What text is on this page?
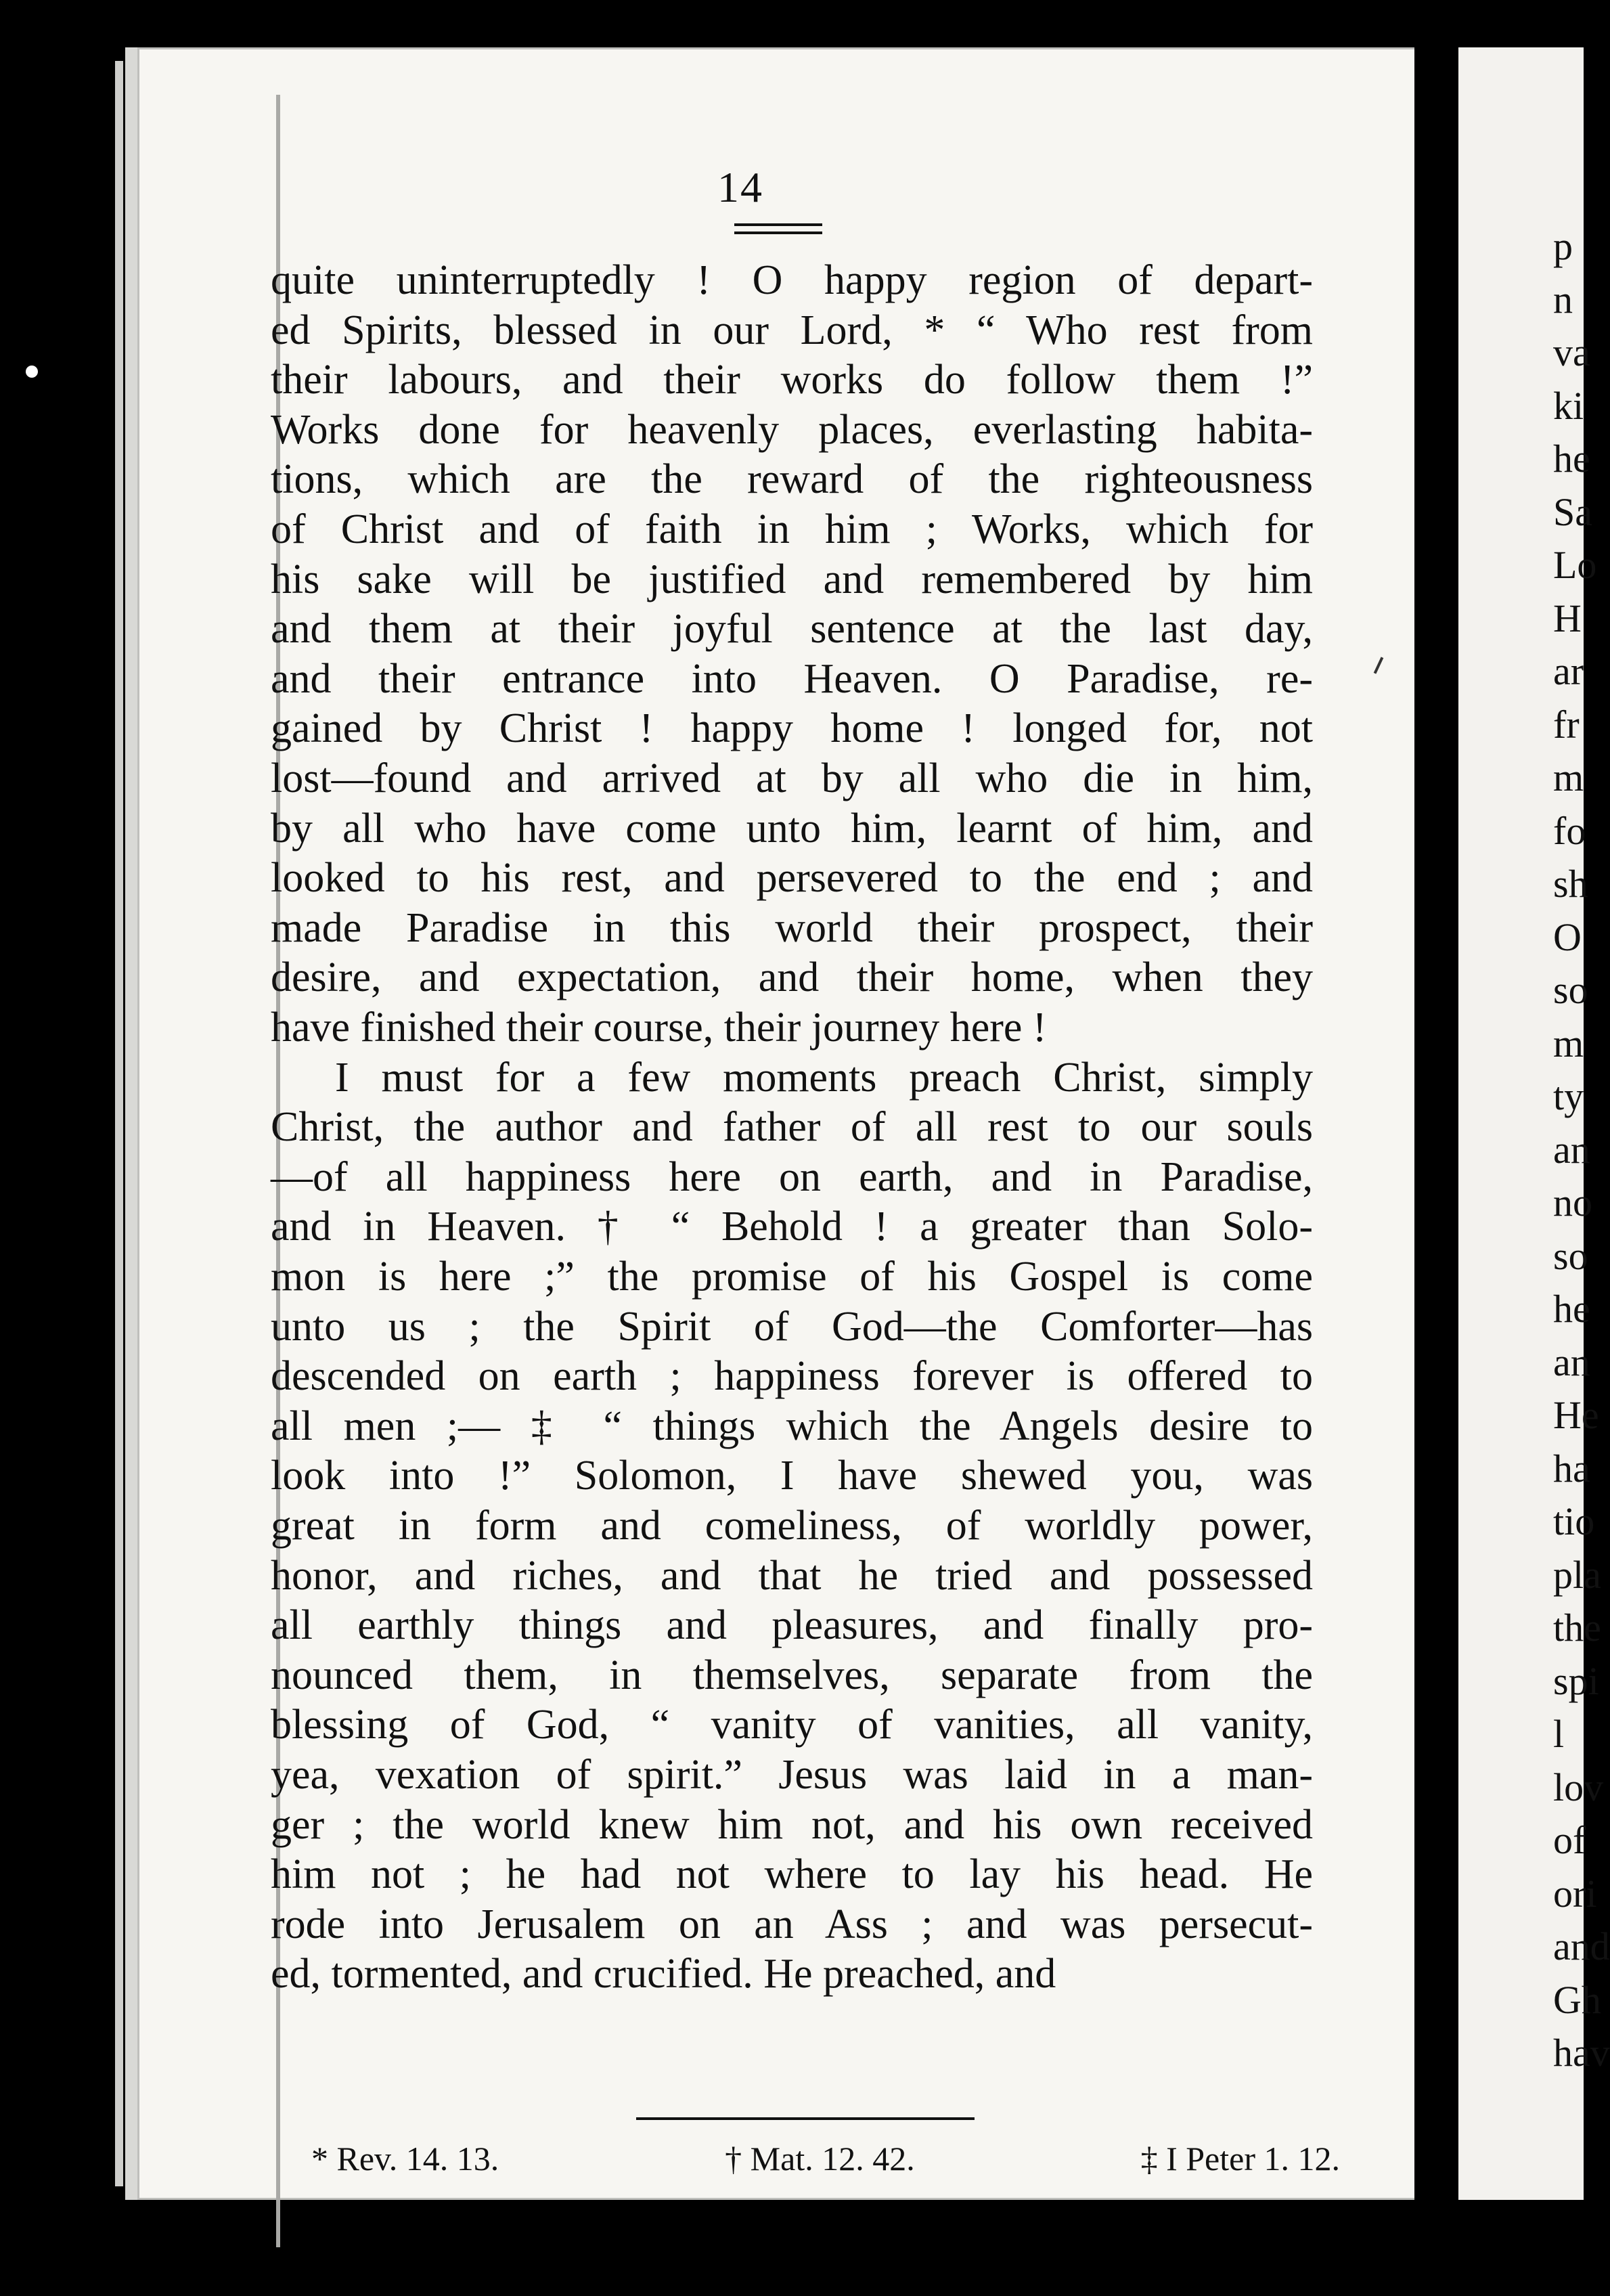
14
quite uninterruptedly ! O happy region of depart-
ed Spirits, blessed in our Lord, * “ Who rest from
their labours, and their works do follow them !”
Works done for heavenly places, everlasting habita-
tions, which are the reward of the righteousness
of Christ and of faith in him ; Works, which for
his sake will be justified and remembered by him
and them at their joyful sentence at the last day,
and their entrance into Heaven. O Paradise, re-
gained by Christ ! happy home ! longed for, not
lost—found and arrived at by all who die in him,
by all who have come unto him, learnt of him, and
looked to his rest, and persevered to the end ; and
made Paradise in this world their prospect, their
desire, and expectation, and their home, when they
have finished their course, their journey here !
I must for a few moments preach Christ, simply
Christ, the author and father of all rest to our souls
—of all happiness here on earth, and in Paradise,
and in Heaven. † “ Behold ! a greater than Solo-
mon is here ;” the promise of his Gospel is come
unto us ; the Spirit of God—the Comforter—has
descended on earth ; happiness forever is offered to
all men ;— ‡ “ things which the Angels desire to
look into !” Solomon, I have shewed you, was
great in form and comeliness, of worldly power,
honor, and riches, and that he tried and possessed
all earthly things and pleasures, and finally pro-
nounced them, in themselves, separate from the
blessing of God, “ vanity of vanities, all vanity,
yea, vexation of spirit.” Jesus was laid in a man-
ger ; the world knew him not, and his own received
him not ; he had not where to lay his head. He
rode into Jerusalem on an Ass ; and was persecut-
ed, tormented, and crucified. He preached, and
* Rev. 14. 13.	† Mat. 12. 42.	‡ I Peter 1. 12.
p
n
va
ki
he
Sa
Lo
H
ar
fr
m
fo
sh
O
so
m
ty
an
no
so
he
an
He
ha
tio
pla
the
spi
l
lov
of
ori
and
Gh
hav
